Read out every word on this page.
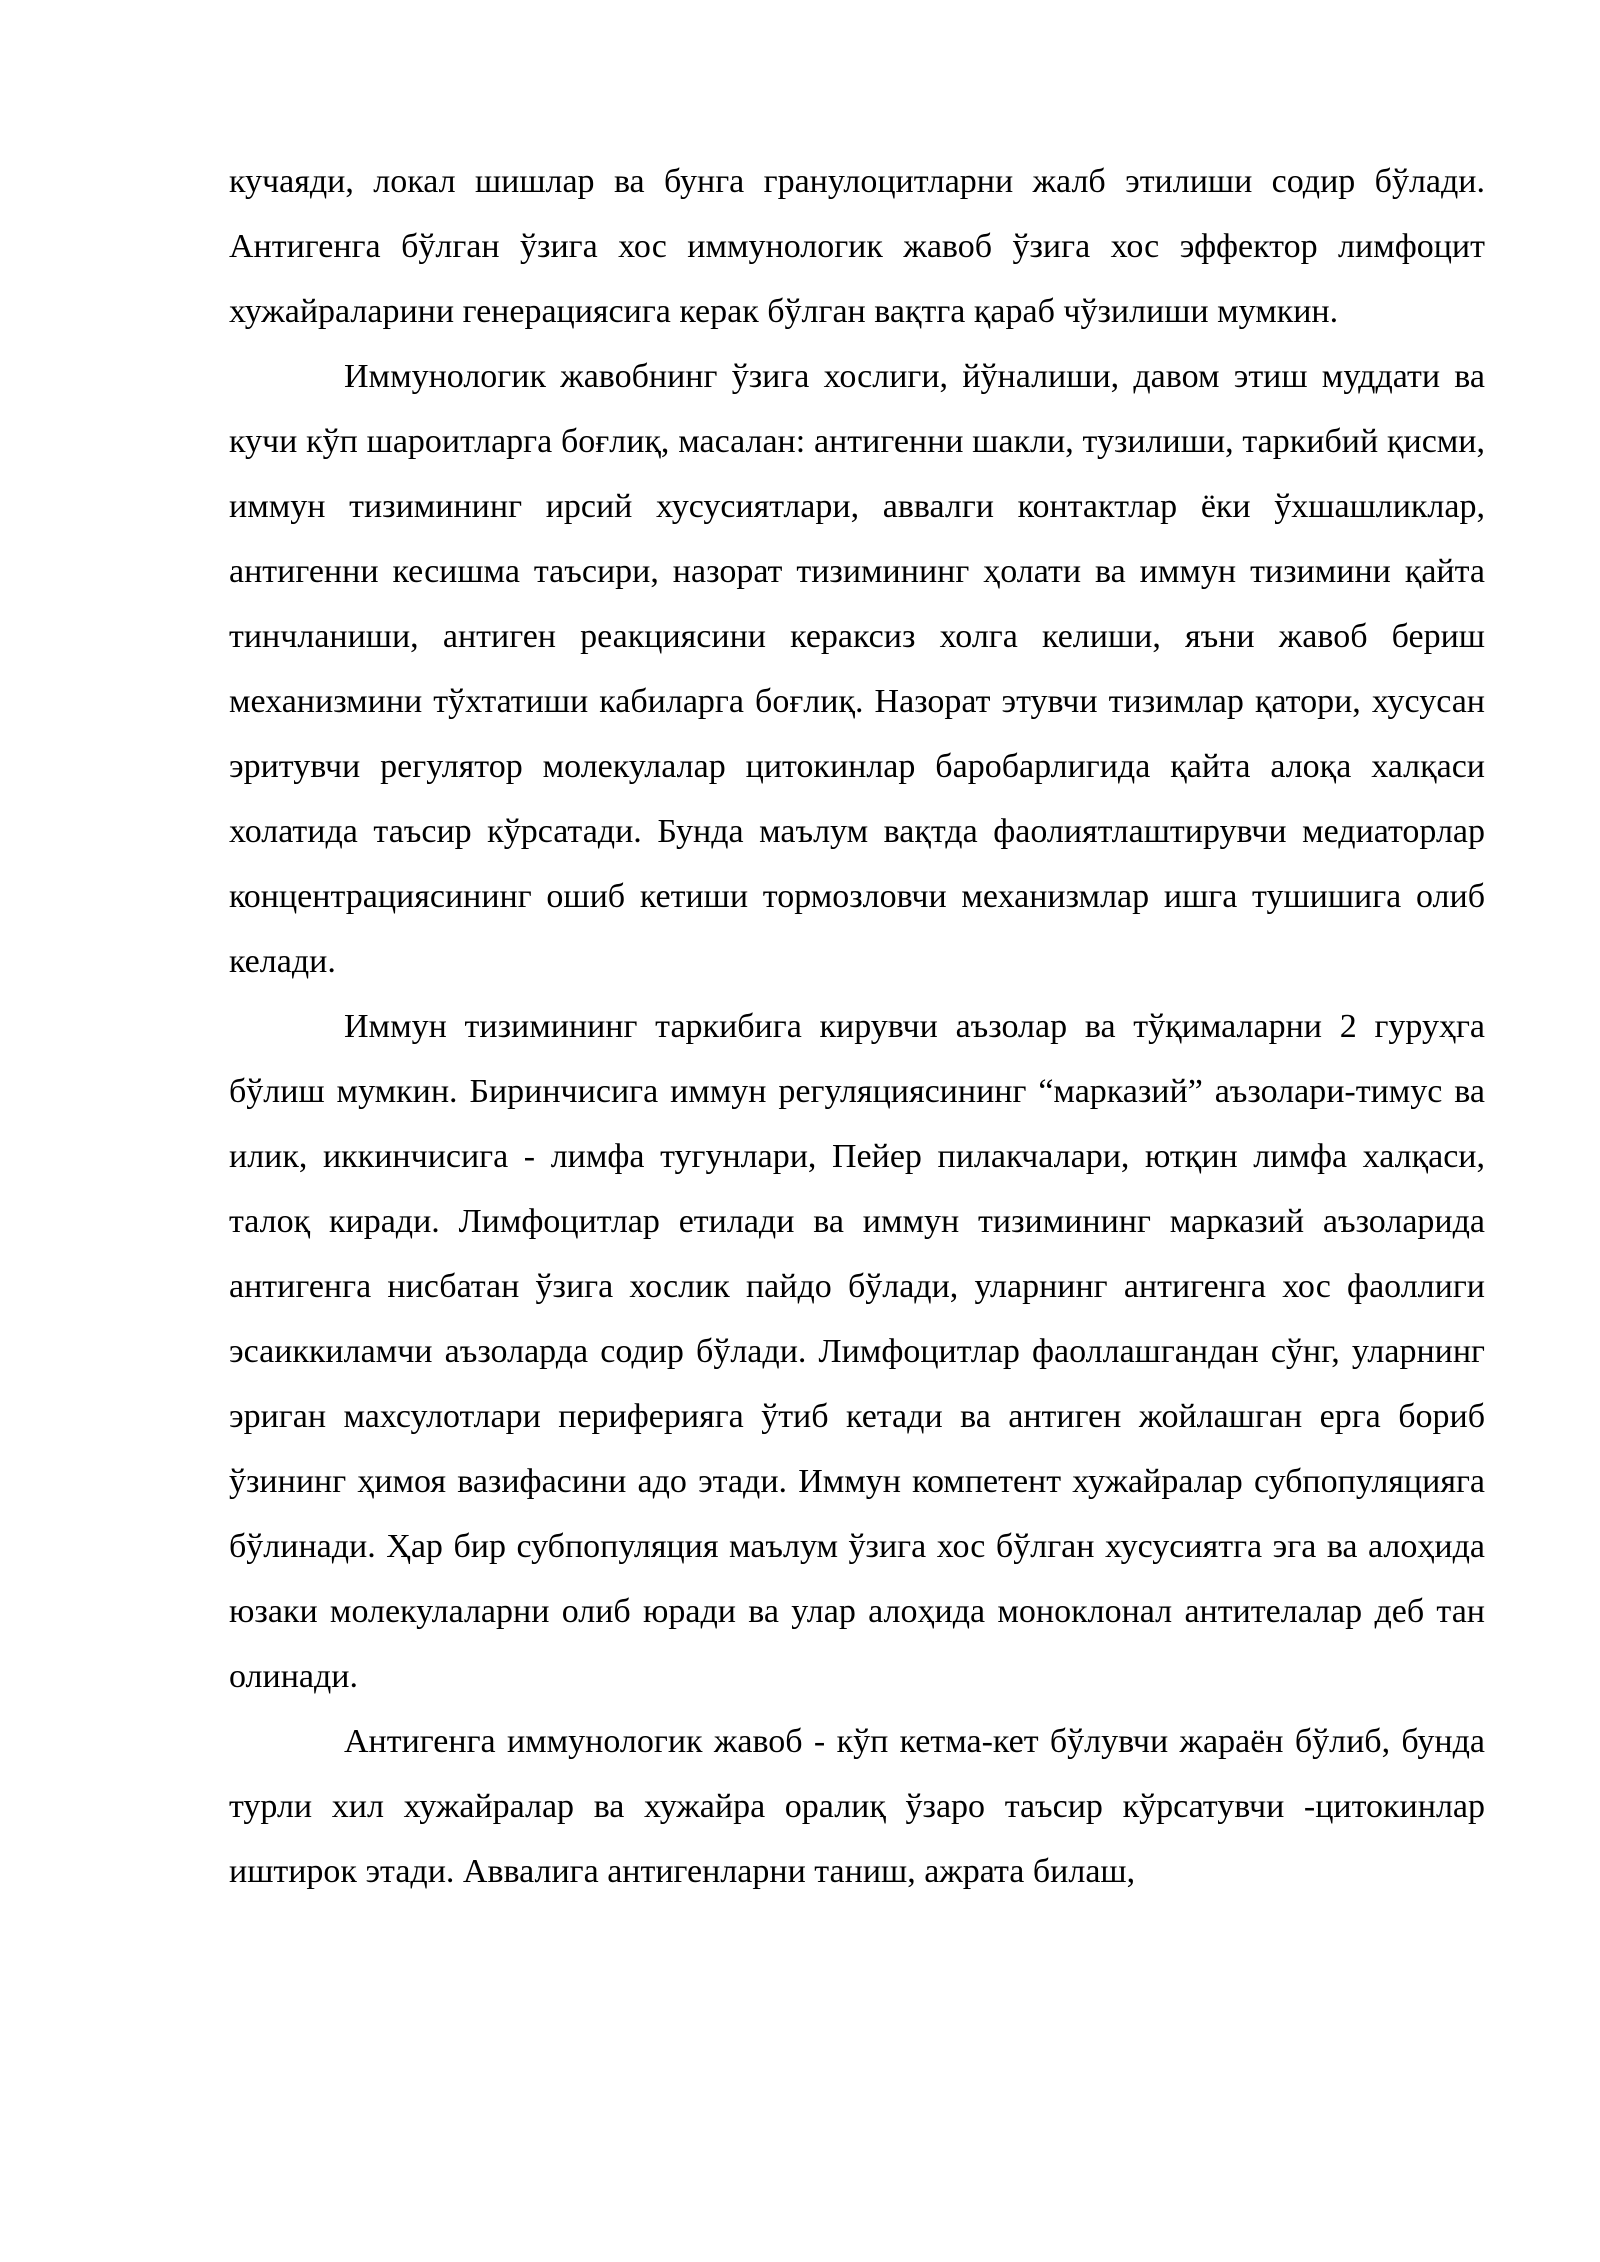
кучаяди, локал шишлар ва бунга гранулоцитларни жалб этилиши содир бўлади. Антигенга бўлган ўзига хос иммунологик жавоб ўзига хос эффектор лимфоцит хужайраларини генерациясига керак бўлган вақтга қараб чўзилиши мумкин.

Иммунологик жавобнинг ўзига хослиги, йўналиши, давом этиш муддати ва кучи кўп шароитларга боғлиқ, масалан: антигенни шакли, тузилиши, таркибий қисми, иммун тизимининг ирсий хусусиятлари, аввалги контактлар ёки ўхшашликлар, антигенни кесишма таъсири, назорат тизимининг ҳолати ва иммун тизимини қайта тинчланиши, антиген реакциясини кераксиз холга келиши, яъни жавоб бериш механизмини тўхтатиши кабиларга боғлиқ. Назорат этувчи тизимлар қатори, хусусан эритувчи регулятор молекулалар цитокинлар баробарлигида қайта алоқа халқаси холатида таъсир кўрсатади. Бунда маълум вақтда фаолиятлаштирувчи медиаторлар концентрациясининг ошиб кетиши тормозловчи механизмлар ишга тушишига олиб келади.

Иммун тизимининг таркибига кирувчи аъзолар ва тўқималарни 2 гуруҳга бўлиш мумкин. Биринчисига иммун регуляциясининг “марказий” аъзолари-тимус ва илик, иккинчисига - лимфа тугунлари, Пейер пилакчалари, ютқин лимфа халқаси, талоқ киради. Лимфоцитлар етилади ва иммун тизимининг марказий аъзоларида антигенга нисбатан ўзига хослик пайдо бўлади, уларнинг антигенга хос фаоллиги эсаиккиламчи аъзоларда содир бўлади. Лимфоцитлар фаоллашгандан сўнг, уларнинг эриган махсулотлари периферияга ўтиб кетади ва антиген жойлашган ерга бориб ўзининг ҳимоя вазифасини адо этади. Иммун компетент хужайралар субпопуляцияга бўлинади. Ҳар бир субпопуляция маълум ўзига хос бўлган хусусиятга эга ва алоҳида юзаки молекулаларни олиб юради ва улар алоҳида моноклонал антителалар деб тан олинади.

Антигенга иммунологик жавоб - кўп кетма-кет бўлувчи жараён бўлиб, бунда турли хил хужайралар ва хужайра оралиқ ўзаро таъсир кўрсатувчи -цитокинлар иштирок этади. Аввалига антигенларни таниш, ажрата билаш,
